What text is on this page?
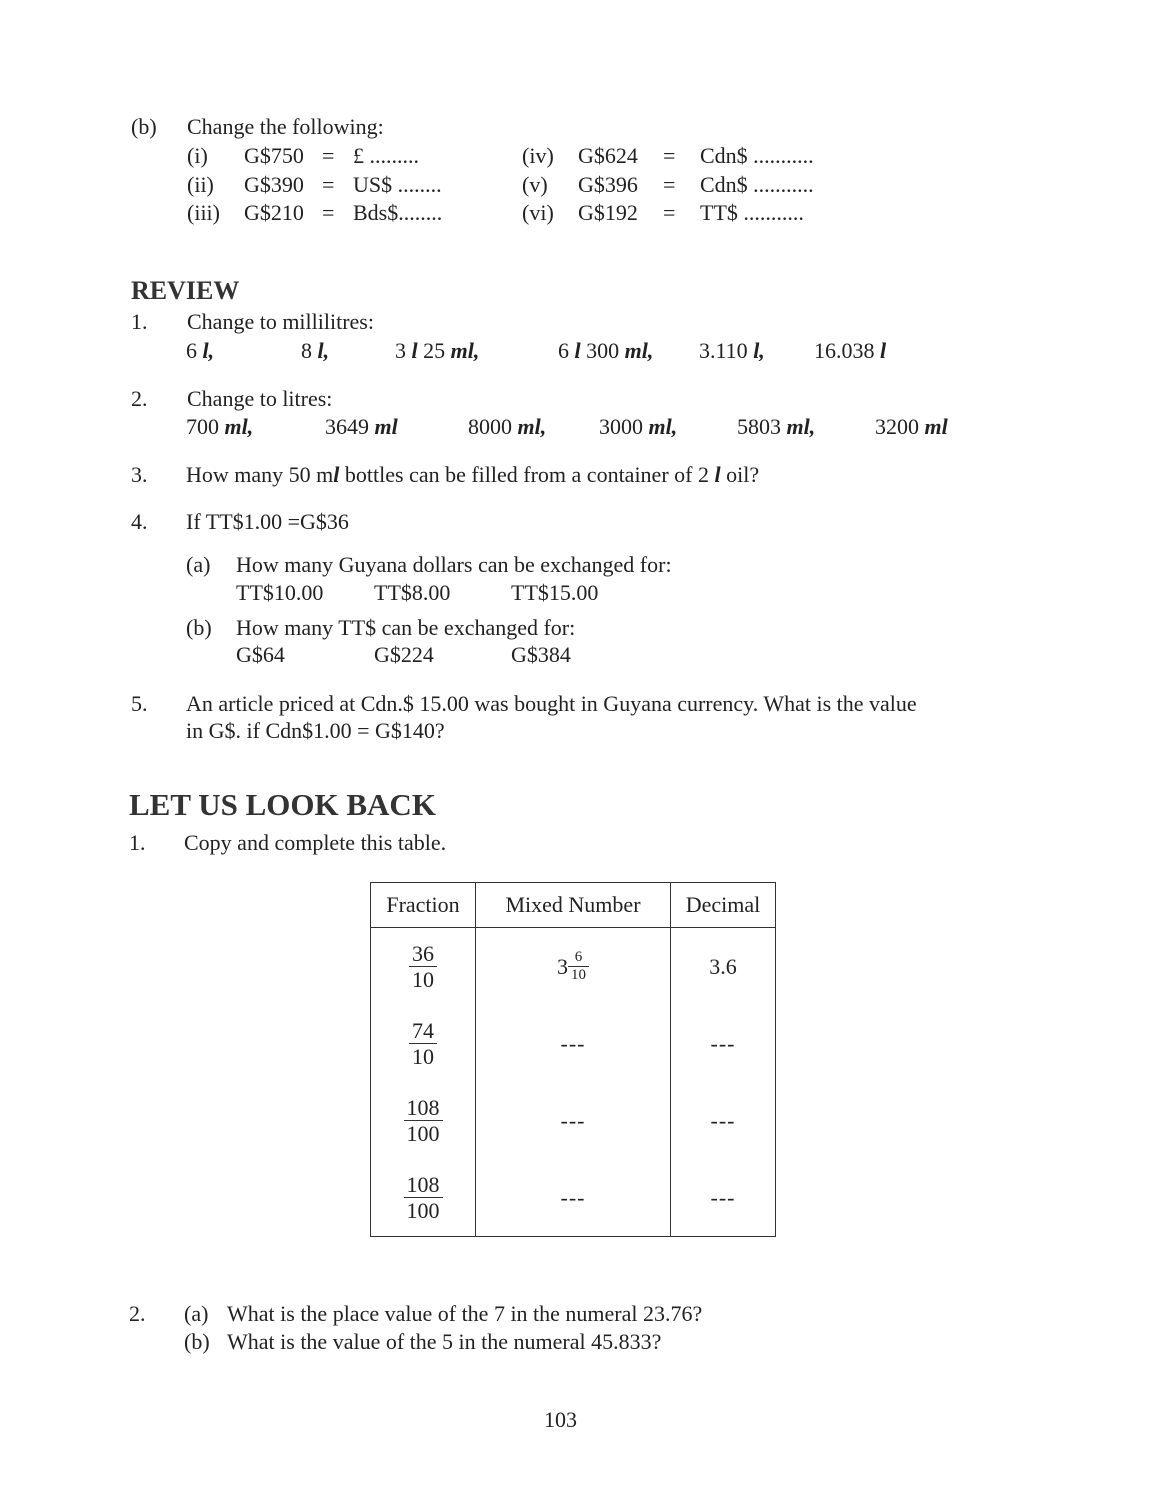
(b) Change the following:
(i) G$750 = £ .........
(ii) G$390 = US$ ........
(iii) G$210 = Bds$........
(iv) G$624 = Cdn$ ...........
(v) G$396 = Cdn$ ...........
(vi) G$192 = TT$ ...........
REVIEW
1. Change to millilitres:
6 l,	8 l,	3 l 25 ml,	6 l 300 ml, 3.110 l, 16.038 l
2. Change to litres:
700 ml,	3649 ml	8000 ml, 3000 ml,	5803 ml,	3200 ml
3. How many 50 ml bottles can be filled from a container of 2 l oil?
4. If TT$1.00 =G$36
(a) How many Guyana dollars can be exchanged for:
TT$10.00 TT$8.00	TT$15.00
(b) How many TT$ can be exchanged for:
G$64	G$224	G$384
5. An article priced at Cdn.$ 15.00 was bought in Guyana currency. What is the value
in G$. if Cdn$1.00 = G$140?
LET US LOOK BACK
1. Copy and complete this table.
Fraction	Mixed Number	Decimal

$\frac{36}{10}$	$3 \frac{6}{10}$	3.6

$\frac{74}{10}$	---	---

$\frac{108}{100}$	---	---

$\frac{108}{100}$	---	---
2. (a) What is the place value of the 7 in the numeral 23.76?
(b) What is the value of the 5 in the numeral 45.833?
103
